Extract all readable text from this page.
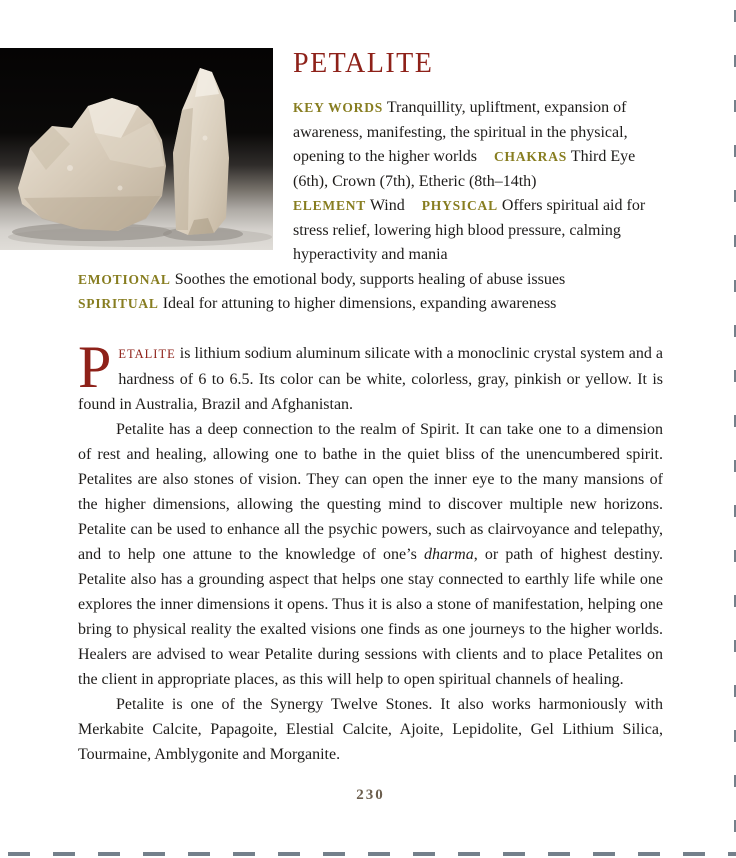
PETALITE

KEY WORDS Tranquillity, upliftment, expansion of awareness, manifesting, the spiritual in the physical, opening to the higher worlds CHAKRAS Third Eye (6th), Crown (7th), Etheric (8th–14th)
ELEMENT Wind PHYSICAL Offers spiritual aid for stress relief, lowering high blood pressure, calming hyperactivity and mania
EMOTIONAL Soothes the emotional body, supports healing of abuse issues
SPIRITUAL Ideal for attuning to higher dimensions, expanding awareness

PETALITE is lithium sodium aluminum silicate with a monoclinic crystal system and a hardness of 6 to 6.5. Its color can be white, colorless, gray, pinkish or yellow. It is found in Australia, Brazil and Afghanistan.

Petalite has a deep connection to the realm of Spirit. It can take one to a dimension of rest and healing, allowing one to bathe in the quiet bliss of the unencumbered spirit. Petalites are also stones of vision. They can open the inner eye to the many mansions of the higher dimensions, allowing the questing mind to discover multiple new horizons. Petalite can be used to enhance all the psychic powers, such as clairvoyance and telepathy, and to help one attune to the knowledge of one’s dharma, or path of highest destiny. Petalite also has a grounding aspect that helps one stay connected to earthly life while one explores the inner dimensions it opens. Thus it is also a stone of manifestation, helping one bring to physical reality the exalted visions one finds as one journeys to the higher worlds. Healers are advised to wear Petalite during sessions with clients and to place Petalites on the client in appropriate places, as this will help to open spiritual channels of healing.

Petalite is one of the Synergy Twelve Stones. It also works harmoniously with Merkabite Calcite, Papagoite, Elestial Calcite, Ajoite, Lepidolite, Gel Lithium Silica, Tourmaine, Amblygonite and Morganite.

230
